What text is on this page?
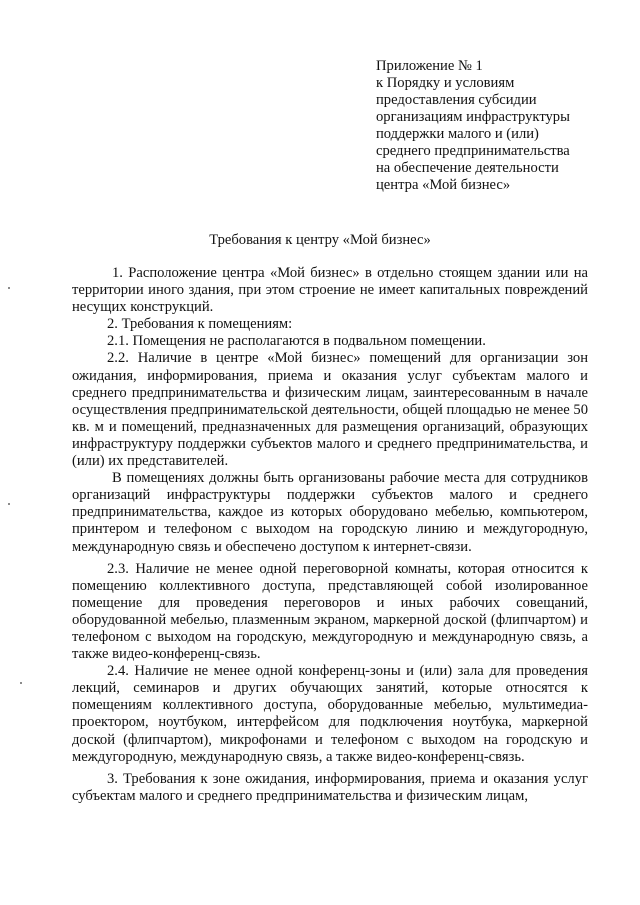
Приложение № 1
к Порядку и условиям
предоставления субсидии
организациям инфраструктуры
поддержки малого и (или)
среднего предпринимательства
на обеспечение деятельности
центра «Мой бизнес»
Требования к центру «Мой бизнес»

1. Расположение центра «Мой бизнес» в отдельно стоящем здании или на территории иного здания, при этом строение не имеет капитальных повреждений несущих конструкций.

2. Требования к помещениям:

2.1. Помещения не располагаются в подвальном помещении.

2.2. Наличие в центре «Мой бизнес» помещений для организации зон ожидания, информирования, приема и оказания услуг субъектам малого и среднего предпринимательства и физическим лицам, заинтересованным в начале осуществления предпринимательской деятельности, общей площадью не менее 50 кв. м и помещений, предназначенных для размещения организаций, образующих инфраструктуру поддержки субъектов малого и среднего предпринимательства, и (или) их представителей.

В помещениях должны быть организованы рабочие места для сотрудников организаций инфраструктуры поддержки субъектов малого и среднего предпринимательства, каждое из которых оборудовано мебелью, компьютером, принтером и телефоном с выходом на городскую линию и междугородную, международную связь и обеспечено доступом к интернет-связи.

2.3. Наличие не менее одной переговорной комнаты, которая относится к помещению коллективного доступа, представляющей собой изолированное помещение для проведения переговоров и иных рабочих совещаний, оборудованной мебелью, плазменным экраном, маркерной доской (флипчартом) и телефоном с выходом на городскую, междугородную и международную связь, а также видео-конференц-связь.

2.4. Наличие не менее одной конференц-зоны и (или) зала для проведения лекций, семинаров и других обучающих занятий, которые относятся к помещениям коллективного доступа, оборудованные мебелью, мультимедиа-проектором, ноутбуком, интерфейсом для подключения ноутбука, маркерной доской (флипчартом), микрофонами и телефоном с выходом на городскую и междугородную, международную связь, а также видео-конференц-связь.

3. Требования к зоне ожидания, информирования, приема и оказания услуг субъектам малого и среднего предпринимательства и физическим лицам,
